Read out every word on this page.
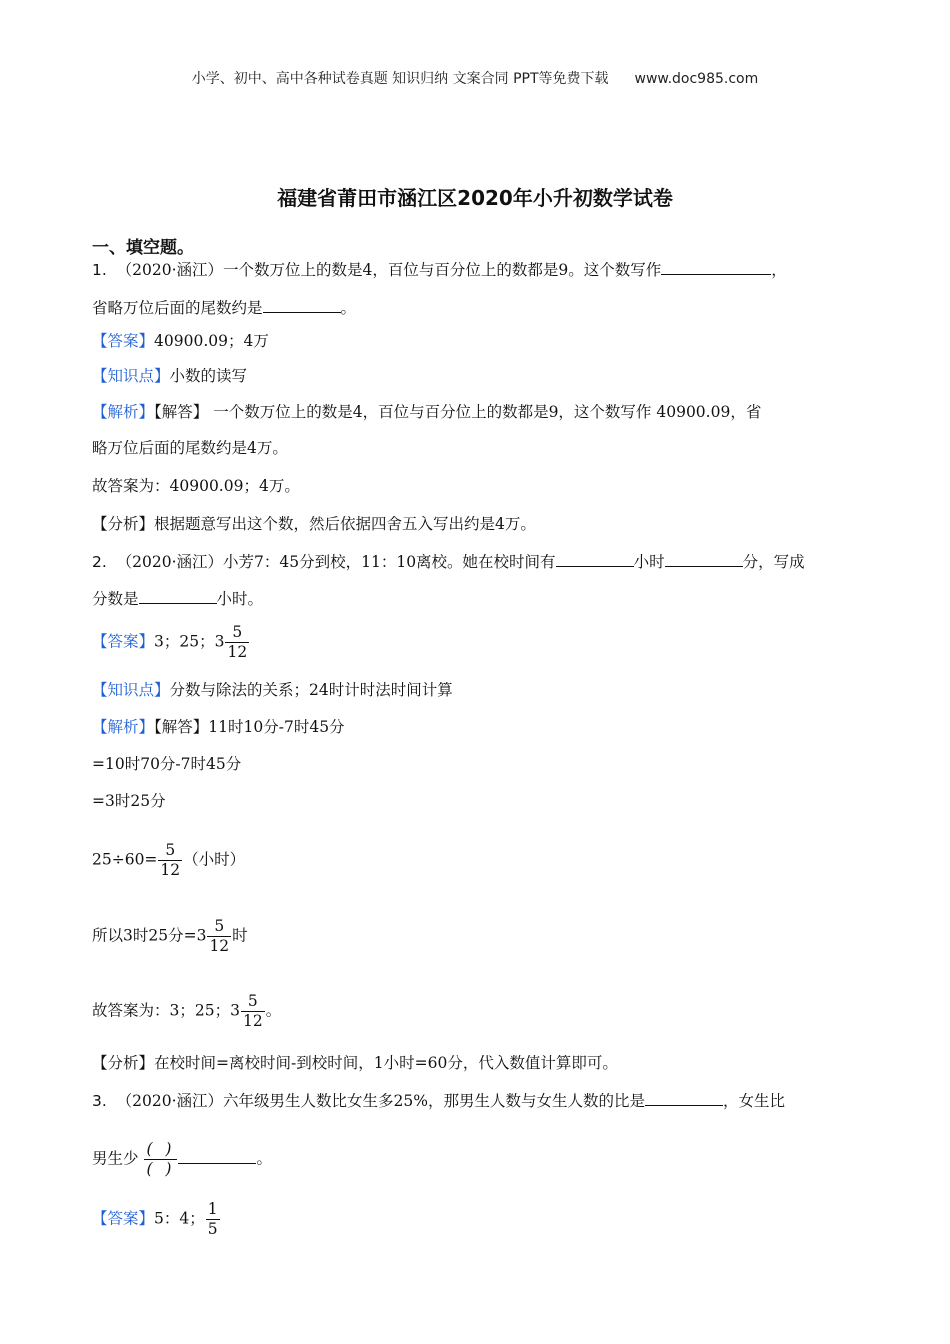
小学、初中、高中各种试卷真题 知识归纳 文案合同 PPT等免费下载 www.doc985.com
福建省莆田市涵江区2020年小升初数学试卷
一、填空题。
1. （2020·涵江）一个数万位上的数是4，百位与百分位上的数都是9。这个数写作	，
省略万位后面的尾数约是	。
【答案】40900.09；4万
【知识点】小数的读写
【解析】【解答】 一个数万位上的数是4，百位与百分位上的数都是9，这个数写作 40900.09，省
略万位后面的尾数约是4万。
故答案为：40900.09；4万。
【分析】根据题意写出这个数，然后依据四舍五入写出约是4万。
2. （2020·涵江）小芳7：45分到校，11：10离校。她在校时间有	小时	分，写成
分数是	小时。
【答案】3；25；$3 \frac{5}{12}$
【知识点】分数与除法的关系；24时计时法时间计算
【解析】【解答】11时10分-7时45分
=10时70分-7时45分
=3时25分
$25\div 60= \frac{5}{12}$ （小时）
所以3时25分$=3 \frac{5}{12}$ 时
故答案为：3；25；$3 \frac{5}{12}$ 。
【分析】在校时间=离校时间-到校时间，1小时=60分，代入数值计算即可。
3. （2020·涵江）六年级男生人数比女生多25%，那男生人数与女生人数的比是	，女生比
男生少 $\frac{( )}{( )}$	。
【答案】5：4； $\frac{1}{5}$
